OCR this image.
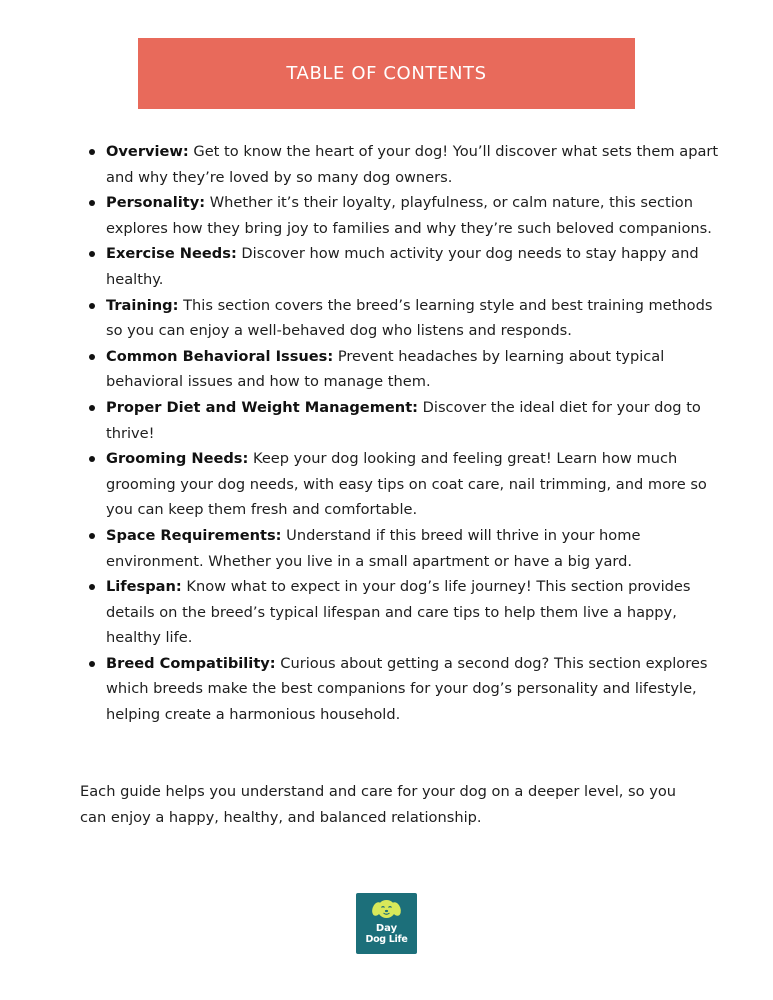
TABLE OF CONTENTS
Overview: Get to know the heart of your dog! You’ll discover what sets them apart and why they’re loved by so many dog owners.
Personality: Whether it’s their loyalty, playfulness, or calm nature, this section explores how they bring joy to families and why they’re such beloved companions.
Exercise Needs: Discover how much activity your dog needs to stay happy and healthy.
Training: This section covers the breed’s learning style and best training methods so you can enjoy a well-behaved dog who listens and responds.
Common Behavioral Issues: Prevent headaches by learning about typical behavioral issues and how to manage them.
Proper Diet and Weight Management: Discover the ideal diet for your dog to thrive!
Grooming Needs: Keep your dog looking and feeling great! Learn how much grooming your dog needs, with easy tips on coat care, nail trimming, and more so you can keep them fresh and comfortable.
Space Requirements: Understand if this breed will thrive in your home environment. Whether you live in a small apartment or have a big yard.
Lifespan: Know what to expect in your dog’s life journey! This section provides details on the breed’s typical lifespan and care tips to help them live a happy, healthy life.
Breed Compatibility: Curious about getting a second dog? This section explores which breeds make the best companions for your dog’s personality and lifestyle, helping create a harmonious household.

Each guide helps you understand and care for your dog on a deeper level, so you can enjoy a happy, healthy, and balanced relationship.

Day
Dog Life
